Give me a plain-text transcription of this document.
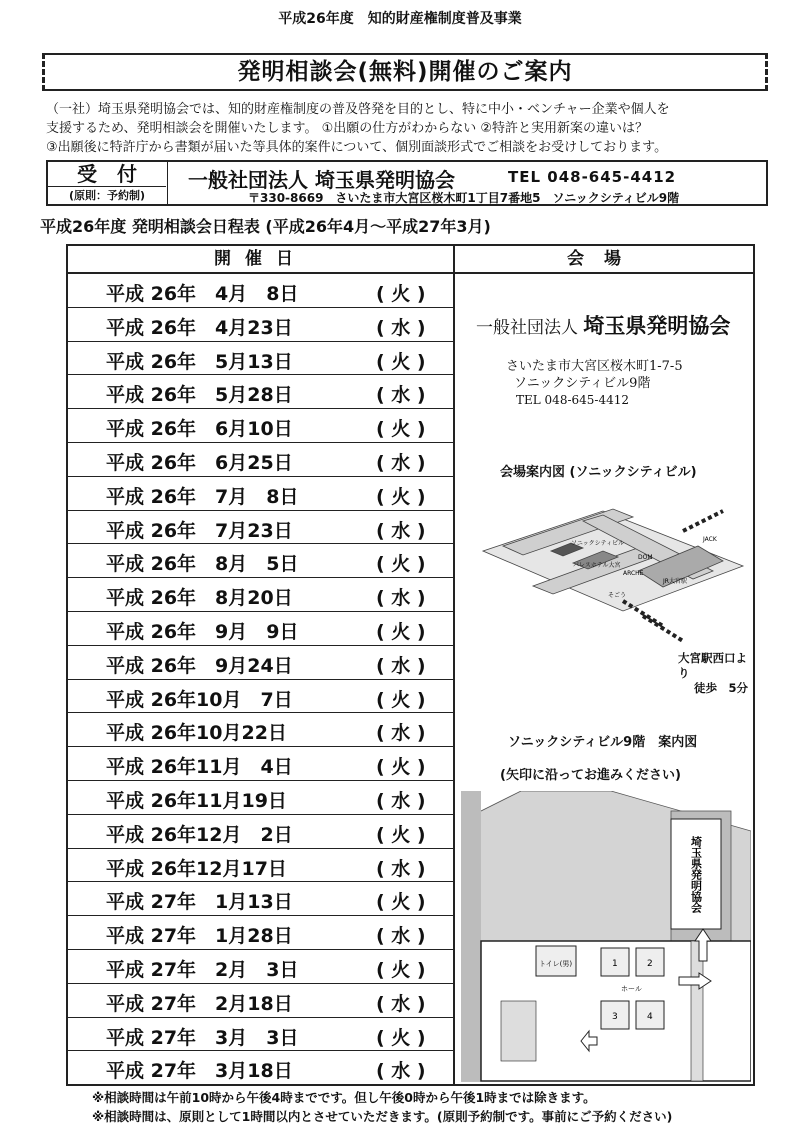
平成26年度　知的財産権制度普及事業
発明相談会(無料)開催のご案内

（一社）埼玉県発明協会では、知的財産権制度の普及啓発を目的とし、特に中小・ベンチャー企業や個人を

支援するため、発明相談会を開催いたします。 ①出願の仕方がわからない ②特許と実用新案の違いは？

③出願後に特許庁から書類が届いた等具体的案件について、個別面談形式でご相談をお受けしております。

受　付
(原則：予約制)
一般社団法人 埼玉県発明協会	TEL 048-645-4412
〒330-8669　さいたま市大宮区桜木町1丁目7番地5　ソニックシティビル9階
平成26年度 発明相談会日程表 (平成26年4月～平成27年3月)
開催日	会場
平成 26年　4月　8日	( 火 )
平成 26年　4月23日	( 水 )
平成 26年　5月13日	( 火 )
平成 26年　5月28日	( 水 )
平成 26年　6月10日	( 火 )
平成 26年　6月25日	( 水 )
平成 26年　7月　8日	( 火 )
平成 26年　7月23日	( 水 )
平成 26年　8月　5日	( 火 )
平成 26年　8月20日	( 水 )
平成 26年　9月　9日	( 火 )
平成 26年　9月24日	( 水 )
平成 26年10月　7日	( 火 )
平成 26年10月22日	( 水 )
平成 26年11月　4日	( 火 )
平成 26年11月19日	( 水 )
平成 26年12月　2日	( 火 )
平成 26年12月17日	( 水 )
平成 27年　1月13日	( 火 )
平成 27年　1月28日	( 水 )
平成 27年　2月　3日	( 火 )
平成 27年　2月18日	( 水 )
平成 27年　3月　3日	( 火 )
平成 27年　3月18日	( 水 )
一般社団法人 埼玉県発明協会
さいたま市大宮区桜木町1-7-5
ソニックシティビル9階
TEL 048-645-4412
会場案内図 (ソニックシティビル)
ソニックシティビル
パレスホテル大宮
JR大宮駅
ARCHE
JACK
DOM
そごう
大宮駅西口より
徒歩　5分
ソニックシティビル9階　案内図
(矢印に沿ってお進みください)
埼玉県発明協会
トイレ(男)	1	2
3	4
ホール
※相談時間は午前10時から午後4時までです。但し午後0時から午後1時までは除きます。
※相談時間は、原則として1時間以内とさせていただきます。(原則予約制です。事前にご予約ください)
